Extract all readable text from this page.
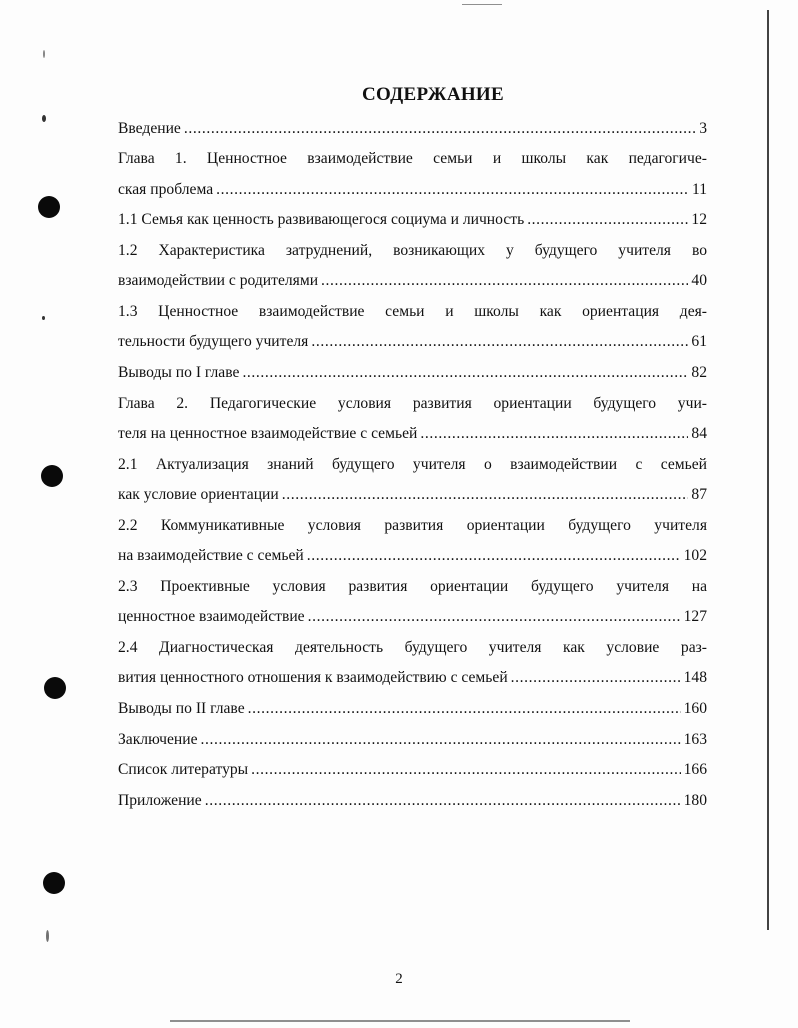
СОДЕРЖАНИЕ
Введение .....	3
Глава 1. Ценностное взаимодействие семьи и школы как педагогиче-
ская проблема .....	11
1.1 Семья как ценность развивающегося социума и личность .....	12
1.2 Характеристика затруднений, возникающих у будущего учителя во
взаимодействии с родителями .....	40
1.3 Ценностное взаимодействие семьи и школы как ориентация дея-
тельности будущего учителя .....	61
Выводы по I главе .....	82
Глава 2. Педагогические условия развития ориентации будущего учи-
теля на ценностное взаимодействие с семьей .....	84
2.1 Актуализация знаний будущего учителя о взаимодействии с семьей
как условие ориентации .....	87
2.2 Коммуникативные условия развития ориентации будущего учителя
на взаимодействие с семьей .....	102
2.3 Проективные условия развития ориентации будущего учителя на
ценностное взаимодействие .....	127
2.4 Диагностическая деятельность будущего учителя как условие раз-
вития ценностного отношения к взаимодействию с семьей .....	148
Выводы по II главе .....	160
Заключение .....	163
Список литературы .....	166
Приложение .....	180
2
